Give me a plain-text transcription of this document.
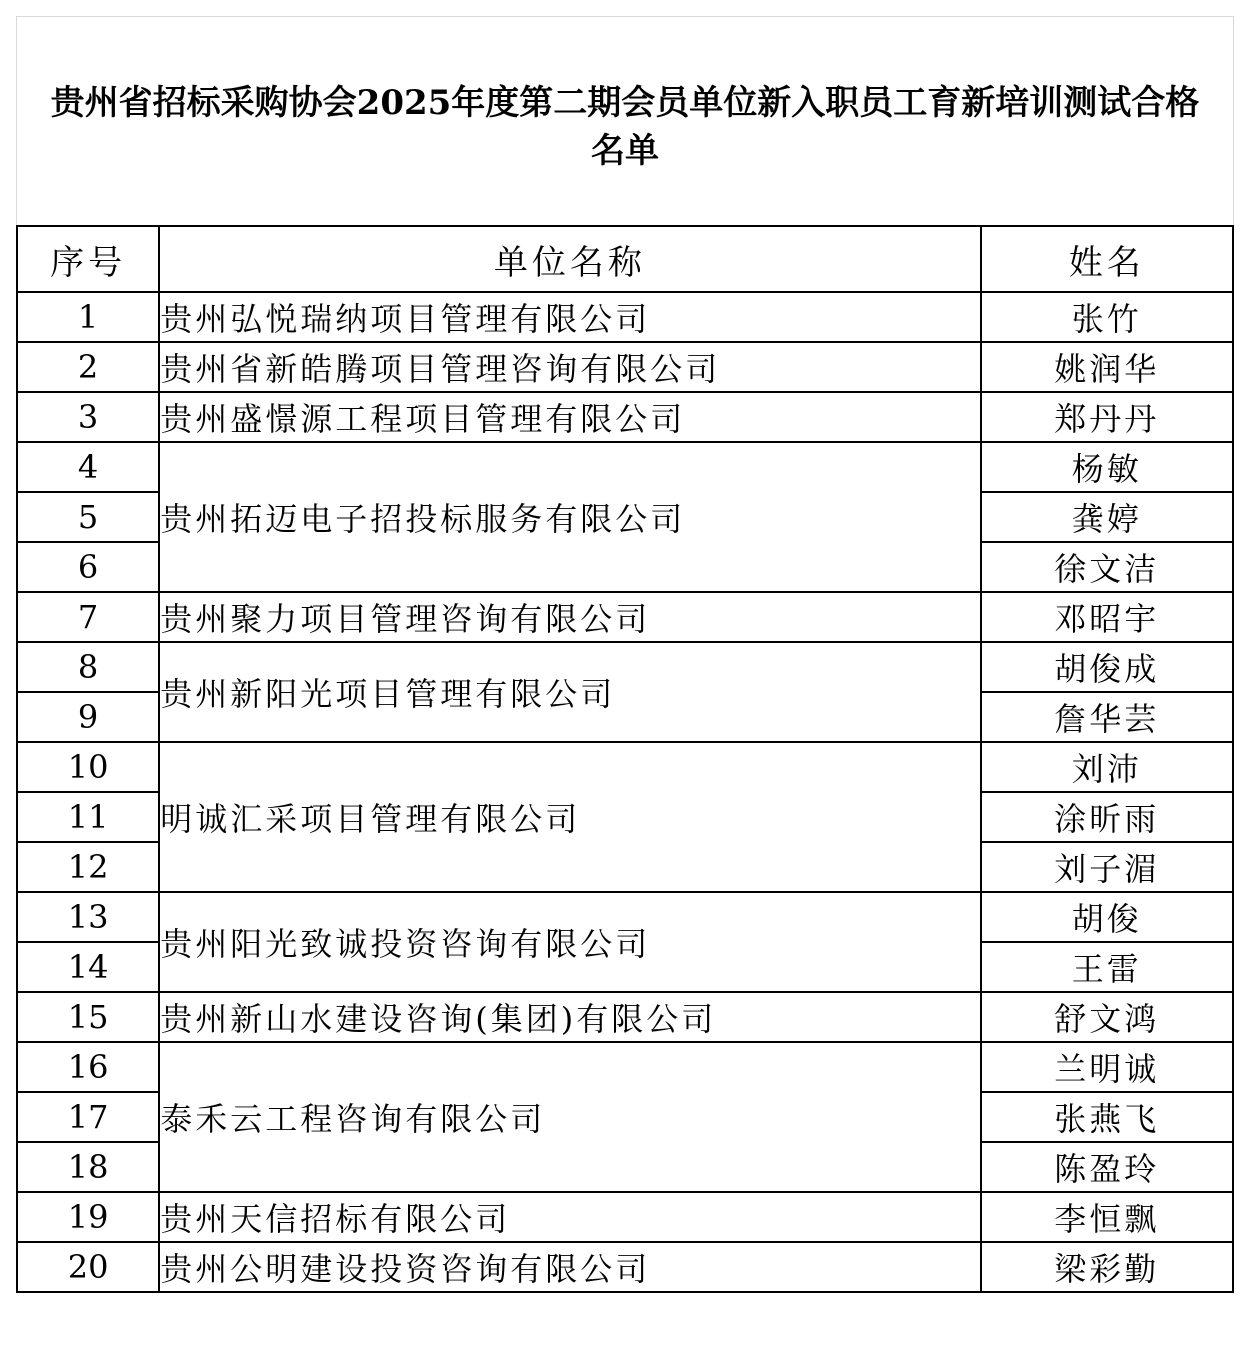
贵州省招标采购协会2025年度第二期会员单位新入职员工育新培训测试合格名单
序号	单位名称	姓名
1	贵州弘悦瑞纳项目管理有限公司	张竹
2	贵州省新皓腾项目管理咨询有限公司	姚润华
3	贵州盛憬源工程项目管理有限公司	郑丹丹
4	贵州拓迈电子招投标服务有限公司	杨敏
5		龚婷
6		徐文洁
7	贵州聚力项目管理咨询有限公司	邓昭宇
8	贵州新阳光项目管理有限公司	胡俊成
9		詹华芸
10	明诚汇采项目管理有限公司	刘沛
11		涂昕雨
12		刘子湄
13	贵州阳光致诚投资咨询有限公司	胡俊
14		王雷
15	贵州新山水建设咨询(集团)有限公司	舒文鸿
16	泰禾云工程咨询有限公司	兰明诚
17		张燕飞
18		陈盈玲
19	贵州天信招标有限公司	李恒飘
20	贵州公明建设投资咨询有限公司	梁彩勤
